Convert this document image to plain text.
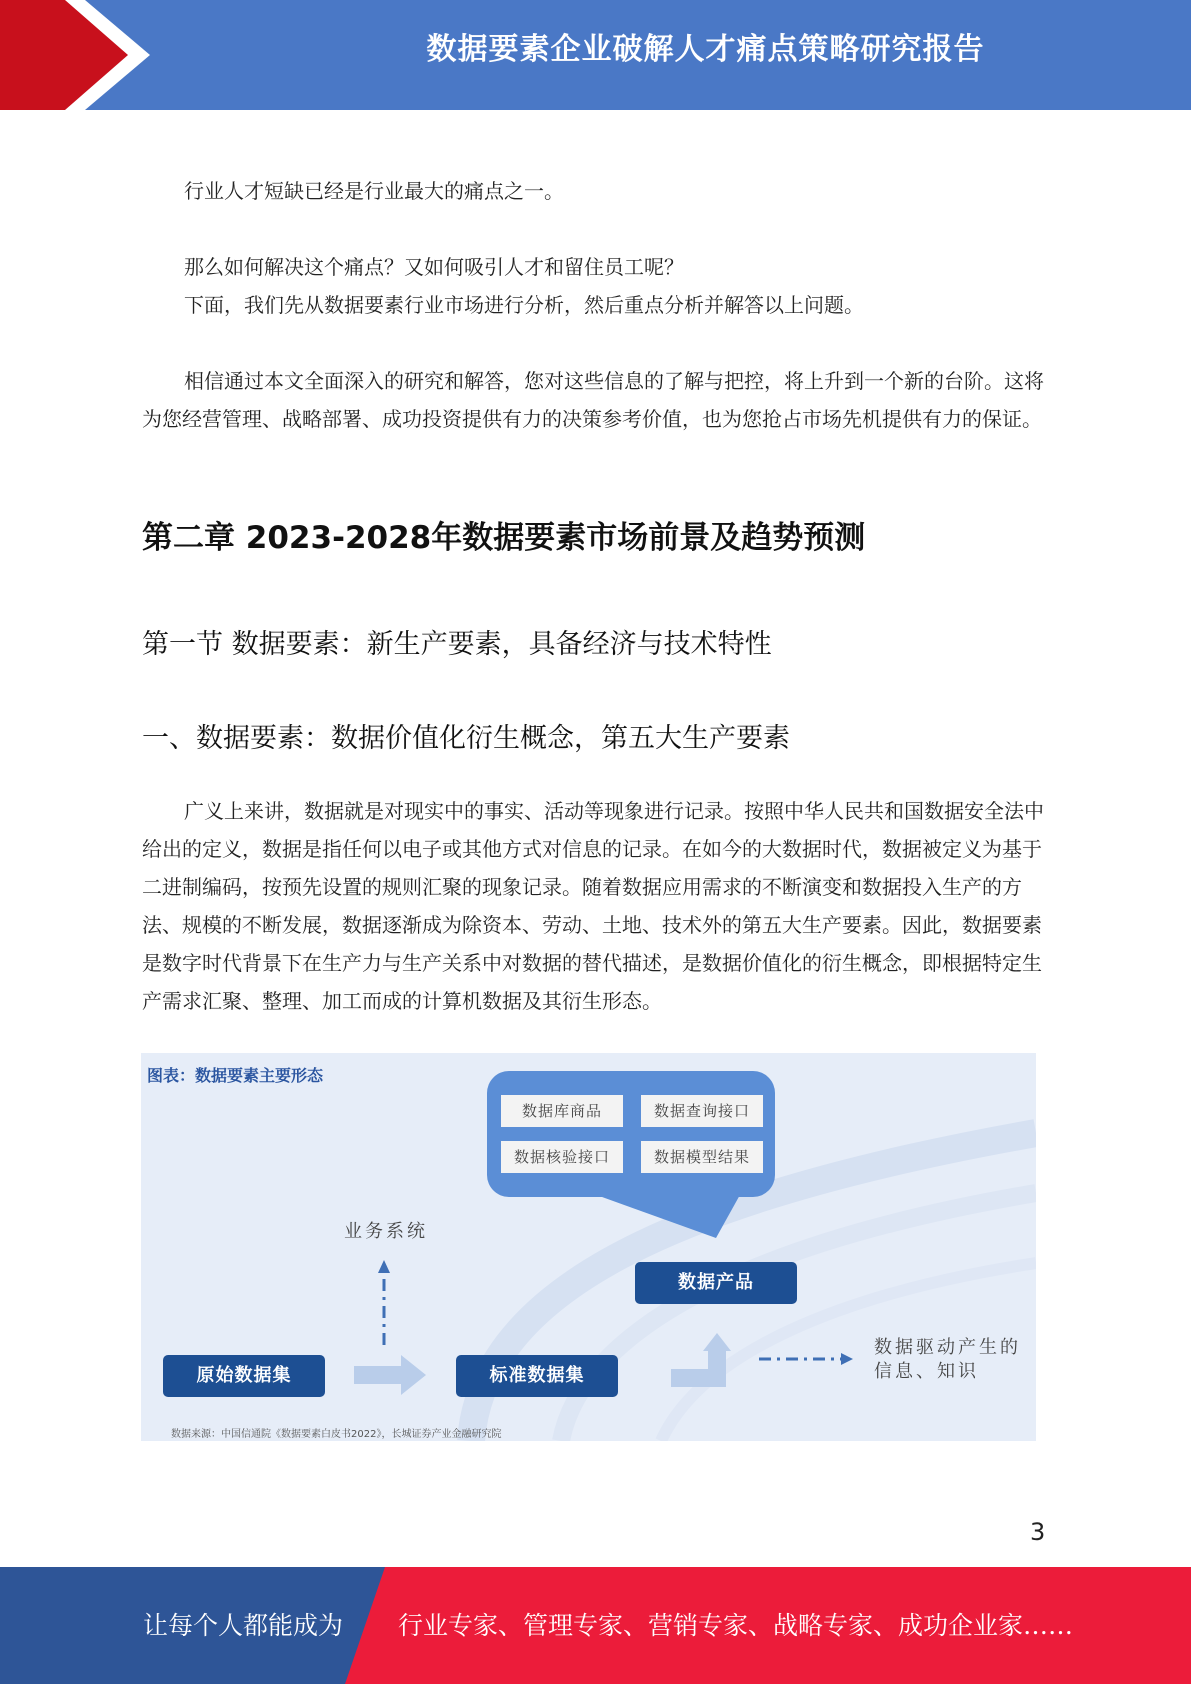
数据要素企业破解人才痛点策略研究报告
行业人才短缺已经是行业最大的痛点之一。
那么如何解决这个痛点？又如何吸引人才和留住员工呢？
下面，我们先从数据要素行业市场进行分析，然后重点分析并解答以上问题。
相信通过本文全面深入的研究和解答，您对这些信息的了解与把控，将上升到一个新的台阶。这将为您经营管理、战略部署、成功投资提供有力的决策参考价值，也为您抢占市场先机提供有力的保证。
第二章 2023-2028年数据要素市场前景及趋势预测
第一节 数据要素：新生产要素，具备经济与技术特性
一、数据要素：数据价值化衍生概念，第五大生产要素
广义上来讲，数据就是对现实中的事实、活动等现象进行记录。按照中华人民共和国数据安全法中给出的定义，数据是指任何以电子或其他方式对信息的记录。在如今的大数据时代，数据被定义为基于二进制编码，按预先设置的规则汇聚的现象记录。随着数据应用需求的不断演变和数据投入生产的方法、规模的不断发展，数据逐渐成为除资本、劳动、土地、技术外的第五大生产要素。因此，数据要素是数字时代背景下在生产力与生产关系中对数据的替代描述，是数据价值化的衍生概念，即根据特定生产需求汇聚、整理、加工而成的计算机数据及其衍生形态。
图表：数据要素主要形态
数据库商品	数据查询接口
数据核验接口	数据模型结果
业务系统
原始数据集	标准数据集
数据产品
数据驱动产生的
信息、知识
数据来源：中国信通院《数据要素白皮书2022》，长城证券产业金融研究院
3
让每个人都能成为 行业专家、管理专家、营销专家、战略专家、成功企业家……
